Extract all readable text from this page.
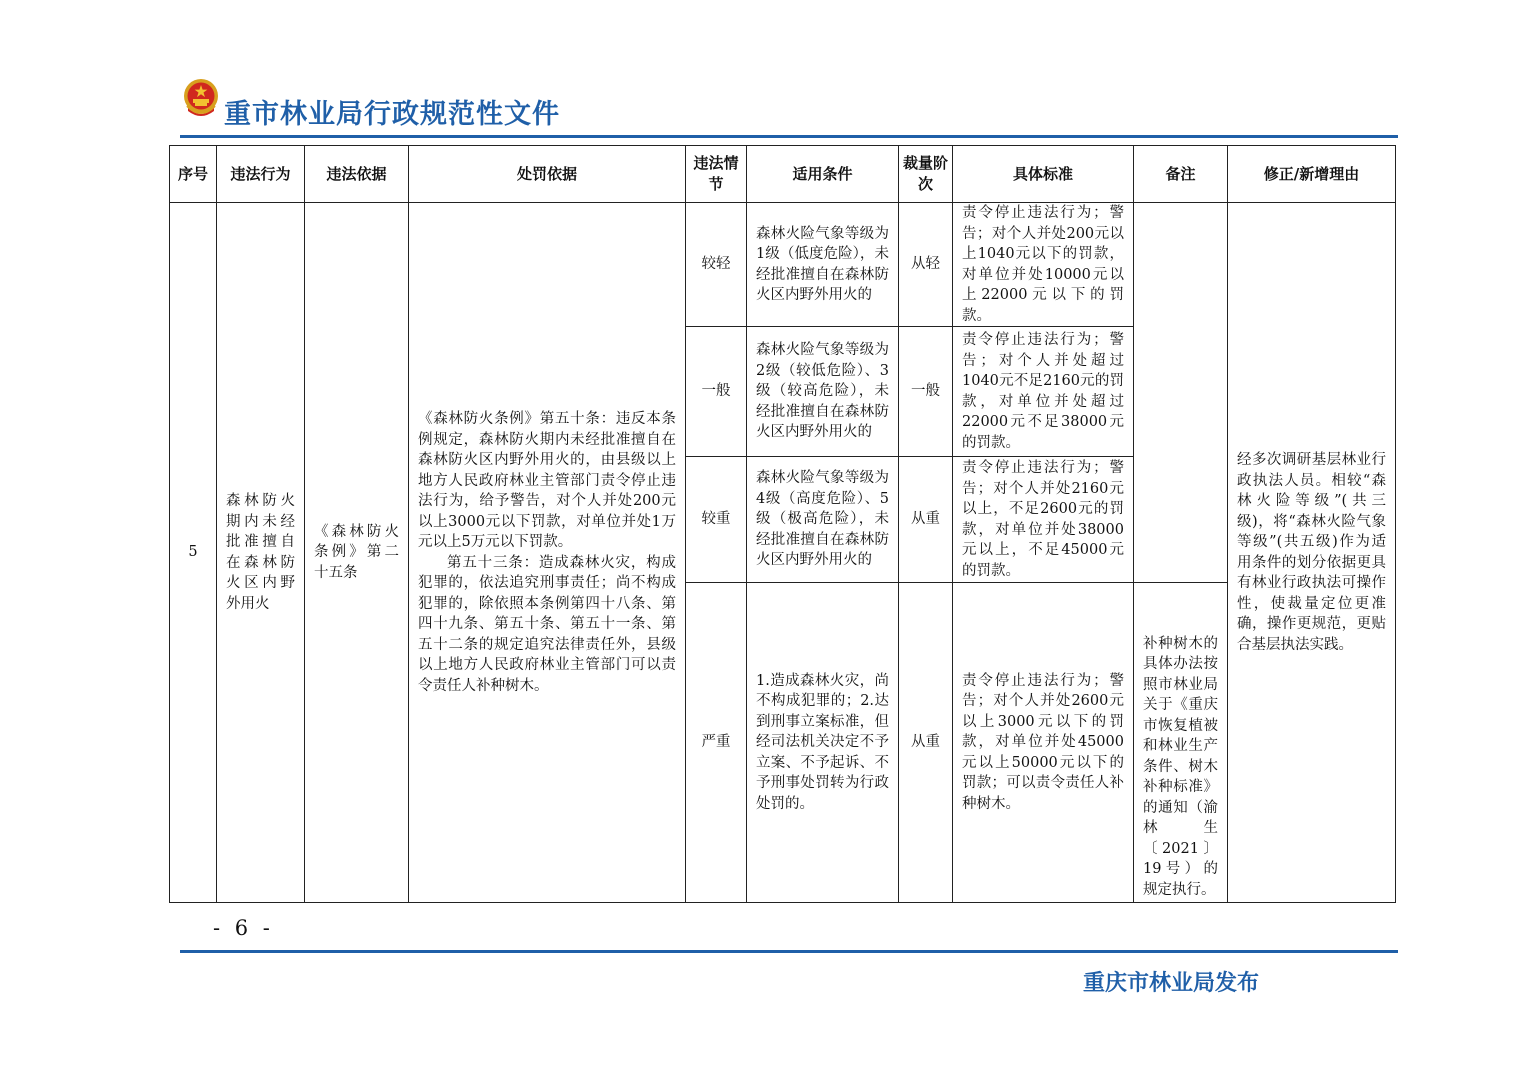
重市林业局行政规范性文件
序号	违法行为	违法依据	处罚依据	违法情节	适用条件	裁量阶次	具体标准	备注	修正/新增理由
5	森林防火期内未经批准擅自在森林防火区内野外用火	《森林防火条例》第二十五条	《森林防火条例》第五十条：违反本条例规定，森林防火期内未经批准擅自在森林防火区内野外用火的，由县级以上地方人民政府林业主管部门责令停止违法行为，给予警告，对个人并处200元以上3000元以下罚款，对单位并处1万元以上5万元以下罚款。

第五十三条：造成森林火灾，构成犯罪的，依法追究刑事责任；尚不构成犯罪的，除依照本条例第四十八条、第四十九条、第五十条、第五十一条、第五十二条的规定追究法律责任外，县级以上地方人民政府林业主管部门可以责令责任人补种树木。	较轻	森林火险气象等级为1级（低度危险），未经批准擅自在森林防火区内野外用火的	从轻	责令停止违法行为；警告；对个人并处200元以上1040元以下的罚款，对单位并处10000元以上22000元以下的罚款。		经多次调研基层林业行政执法人员。相较“森林火险等级”(共三级)，将“森林火险气象等级”(共五级)作为适用条件的划分依据更具有林业行政执法可操作性，使裁量定位更准确，操作更规范，更贴合基层执法实践。
				一般	森林火险气象等级为2级（较低危险）、3级（较高危险），未经批准擅自在森林防火区内野外用火的	一般	责令停止违法行为；警告；对个人并处超过1040元不足2160元的罚款，对单位并处超过22000元不足38000元的罚款。		
				较重	森林火险气象等级为4级（高度危险）、5级（极高危险），未经批准擅自在森林防火区内野外用火的	从重	责令停止违法行为；警告；对个人并处2160元以上，不足2600元的罚款，对单位并处38000元以上，不足45000元的罚款。		
				严重	1.造成森林火灾，尚不构成犯罪的；2.达到刑事立案标准，但经司法机关决定不予立案、不予起诉、不予刑事处罚转为行政处罚的。	从重	责令停止违法行为；警告；对个人并处2600元以上3000元以下的罚款，对单位并处45000元以上50000元以下的罚款；可以责令责任人补种树木。	补种树木的具体办法按照市林业局关于《重庆市恢复植被和林业生产条件、树木补种标准》的通知（渝林生〔2021〕19号）的规定执行。	
- 6 -
重庆市林业局发布
